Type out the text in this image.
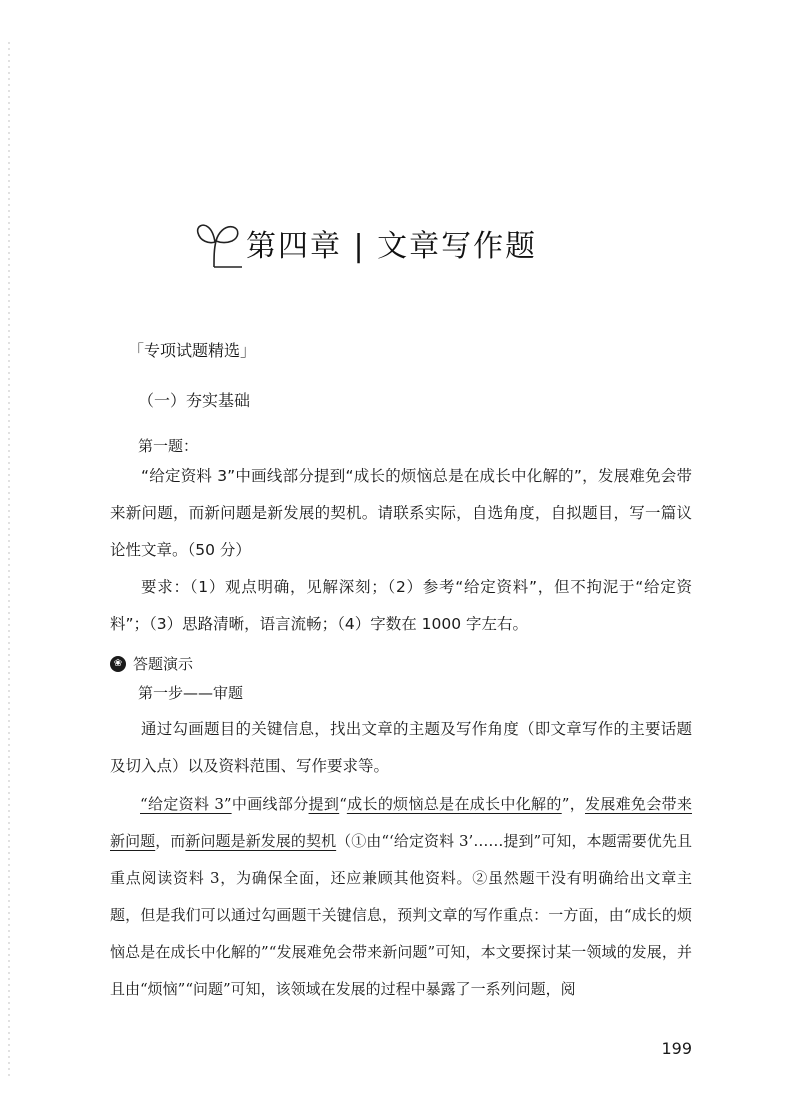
第四章 | 文章写作题
「专项试题精选」
（一）夯实基础
第一题：

“给定资料 3”中画线部分提到“成长的烦恼总是在成长中化解的”，发展难免会带来新问题，而新问题是新发展的契机。请联系实际，自选角度，自拟题目，写一篇议论性文章。（50 分）

要求：（1）观点明确，见解深刻；（2）参考“给定资料”，但不拘泥于“给定资料”；（3）思路清晰，语言流畅；（4）字数在 1000 字左右。

❀ 答题演示
第一步——审题

通过勾画题目的关键信息，找出文章的主题及写作角度（即文章写作的主要话题及切入点）以及资料范围、写作要求等。

“给定资料 3”中画线部分提到“成长的烦恼总是在成长中化解的”，发展难免会带来新问题，而新问题是新发展的契机（①由“‘给定资料 3’……提到”可知，本题需要优先且重点阅读资料 3，为确保全面，还应兼顾其他资料。②虽然题干没有明确给出文章主题，但是我们可以通过勾画题干关键信息，预判文章的写作重点：一方面，由“成长的烦恼总是在成长中化解的”“发展难免会带来新问题”可知，本文要探讨某一领域的发展，并且由“烦恼”“问题”可知，该领域在发展的过程中暴露了一系列问题，阅

199
